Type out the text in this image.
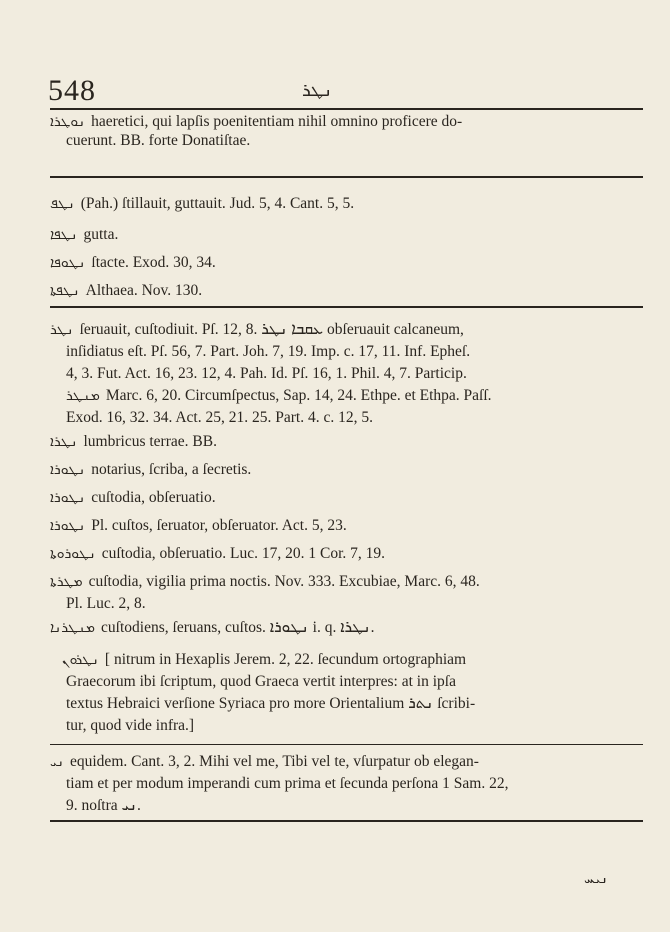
548	ܢܛܪ
ܢܘܛܪܐ haeretici, qui lapſis poenitentiam nihil omnino proficere do-
cuerunt. BB. forte Donatiſtae.
ܢܛܦ (Pah.) ſtillauit, guttauit. Jud. 5, 4. Cant. 5, 5.
ܢܛܦܐ gutta.
ܢܛܘܦܐ ſtacte. Exod. 30, 34.
ܢܛܦܬܐ Althaea. Nov. 130.
ܢܛܪ ſeruauit, cuſtodiuit. Pſ. 12, 8. ܥܩܒܐ ܢܛܪ obſeruauit calcaneum,
inſidiatus eſt. Pſ. 56, 7. Part. Joh. 7, 19. Imp. c. 17, 11. Inf. Epheſ.
4, 3. Fut. Act. 16, 23. 12, 4. Pah. Id. Pſ. 16, 1. Phil. 4, 7. Particip.
ܡܢܛܪ Marc. 6, 20. Circumſpectus, Sap. 14, 24. Ethpe. et Ethpa. Paſſ.
Exod. 16, 32. 34. Act. 25, 21. 25. Part. 4. c. 12, 5.
ܢܛܪܐ lumbricus terrae. BB.
ܢܛܘܪܐ notarius, ſcriba, a ſecretis.
ܢܛܘܪܐ cuſtodia, obſeruatio.
ܢܛܘܪܐ Pl. cuſtos, ſeruator, obſeruator. Act. 5, 23.
ܢܛܘܪܘܬܐ cuſtodia, obſeruatio. Luc. 17, 20. 1 Cor. 7, 19.
ܡܛܪܬܐ cuſtodia, vigilia prima noctis. Nov. 333. Excubiae, Marc. 6, 48.
Pl. Luc. 2, 8.
ܡܢܛܪܢܐ cuſtodiens, ſeruans, cuſtos. ܢܛܘܪܐ i. q. ܢܛܪܐ.
ܢܛܪܘܢ [ nitrum in Hexaplis Jerem. 2, 22. ſecundum ortographiam
Graecorum ibi ſcriptum, quod Graeca vertit interpres: at in ipſa
textus Hebraici verſione Syriaca pro more Orientalium ܢܬܪ ſcribi-
tur, quod vide infra.]
ܢܝ equidem. Cant. 3, 2. Mihi vel me, Tibi vel te, vſurpatur ob elegan-
tiam et per modum imperandi cum prima et ſecunda perſona 1 Sam. 22,
9. noſtra ܢܝ.
ܢܝܚ
